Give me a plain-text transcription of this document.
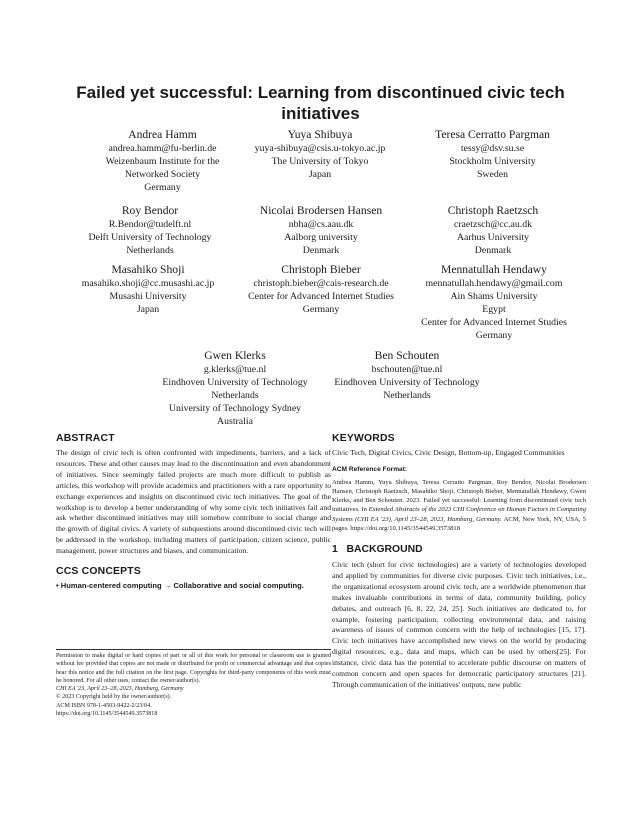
Failed yet successful: Learning from discontinued civic tech initiatives
Andrea Hamm
andrea.hamm@fu-berlin.de
Weizenbaum Institute for the
Networked Society
Germany
Yuya Shibuya
yuya-shibuya@csis.u-tokyo.ac.jp
The University of Tokyo
Japan
Teresa Cerratto Pargman
tessy@dsv.su.se
Stockholm University
Sweden
Roy Bendor
R.Bendor@tudelft.nl
Delft University of Technology
Netherlands
Nicolai Brodersen Hansen
nbha@cs.aau.dk
Aalborg university
Denmark
Christoph Raetzsch
craetzsch@cc.au.dk
Aarhus University
Denmark
Masahiko Shoji
masahiko.shoji@cc.musashi.ac.jp
Musashi University
Japan
Christoph Bieber
christoph.bieber@cais-research.de
Center for Advanced Internet Studies
Germany
Mennatullah Hendawy
mennatullah.hendawy@gmail.com
Ain Shams University
Egypt
Center for Advanced Internet Studies
Germany
Gwen Klerks
g.klerks@tue.nl
Eindhoven University of Technology
Netherlands
University of Technology Sydney
Australia
Ben Schouten
bschouten@tue.nl
Eindhoven University of Technology
Netherlands
ABSTRACT

The design of civic tech is often confronted with impediments, barriers, and a lack of resources. These and other causes may lead to the discontinuation and even abandonment of initiatives. Since seemingly failed projects are much more difficult to publish as articles, this workshop will provide academics and practitioners with a rare opportunity to exchange experiences and insights on discontinued civic tech initiatives. The goal of the workshop is to develop a better understanding of why some civic tech initiatives fail and ask whether discontinued initiatives may still somehow contribute to social change and the growth of digital civics. A variety of subquestions around discontinued civic tech will be addressed in the workshop, including matters of participation, citizen science, public management, power structures and biases, and communication.

CCS CONCEPTS

• Human-centered computing → Collaborative and social computing.

Permission to make digital or hard copies of part or all of this work for personal or classroom use is granted without fee provided that copies are not made or distributed for profit or commercial advantage and that copies bear this notice and the full citation on the first page. Copyrights for third-party components of this work must be honored. For all other uses, contact the owner/author(s).

CHI EA '23, April 23–28, 2023, Hamburg, Germany

© 2023 Copyright held by the owner/author(s).

ACM ISBN 978-1-4503-9422-2/23/04.

https://doi.org/10.1145/3544549.3573818

KEYWORDS

Civic Tech, Digital Civics, Civic Design, Bottom-up, Engaged Communities

ACM Reference Format:

Andrea Hamm, Yuya Shibuya, Teresa Cerratto Pargman, Roy Bendor, Nicolai Brodersen Hansen, Christoph Raetzsch, Masahiko Shoji, Christoph Bieber, Mennatullah Hendawy, Gwen Klerks, and Ben Schouten. 2023. Failed yet successful: Learning from discontinued civic tech initiatives. In Extended Abstracts of the 2023 CHI Conference on Human Factors in Computing Systems (CHI EA '23), April 23–28, 2023, Hamburg, Germany. ACM, New York, NY, USA, 5 pages. https://doi.org/10.1145/3544549.3573818

1 BACKGROUND

Civic tech (short for civic technologies) are a variety of technologies developed and applied by communities for diverse civic purposes. Civic tech initiatives, i.e., the organizational ecosystem around civic tech, are a worldwide phenomenon that makes invaluable contributions in terms of data, community building, policy debates, and outreach [6, 8, 22, 24, 25]. Such initiatives are dedicated to, for example, fostering participation, collecting environmental data, and raising awareness of issues of common concern with the help of technologies [15, 17]. Civic tech initiatives have accomplished new views on the world by producing digital resources, e.g., data and maps, which can be used by others[25]. For instance, civic data has the potential to accelerate public discourse on matters of common concern and open spaces for democratic participatory structures [21]. Through communication of the initiatives' outputs, new public
